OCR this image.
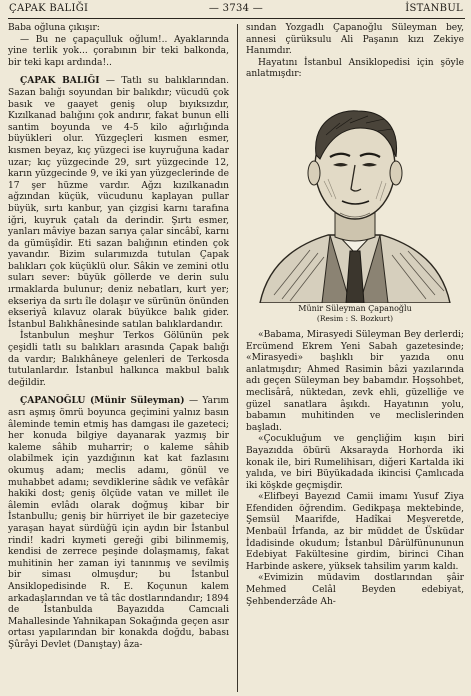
ÇAPAK BALIĞI	— 3734 —	İSTANBUL

Baba oğluna çıkışır:

— Bu ne çapaçulluk oğlum!.. Ayaklarında yine terlik yok... çorabının bir teki balkonda, bir teki kapı ardında!..

ÇAPAK BALIĞI — Tatlı su balıklarından. Sazan balığı soyundan bir balıkdır; vücudü çok basık ve gaayet geniş olup bıyıksızdır, Kızılkanad balığını çok andırır, fakat bunun elli santim boyunda ve 4-5 kilo ağırlığında büyükleri olur. Yüzgeçleri kısmen esmer, kısmen beyaz, kıç yüzgeci ise kuyruğuna kadar uzar; kıç yüzgecinde 29, sırt yüzgecinde 12, karın yüzgecinde 9, ve iki yan yüzgeclerinde de 17 şer hüzme vardır. Ağzı kızılkanadın ağzından küçük, vücudunu kaplayan pullar büyük, sırtı kanbur, yan çizgisi karnı tarafına iğri, kuyruk çatalı da derindir. Şırtı esmer, yanları mâviye bazan sarıya çalar sincâbî, karnı da gümüşîdir. Eti sazan balığının etinden çok yavandır. Bizim sularımızda tutulan Çapak balıkları çok küçüklü olur. Sâkin ve zemini otlu suları sever: büyük göllerde ve derin sulu ırmaklarda bulunur; deniz nebatları, kurt yer; ekseriya da sırtı île dolaşır ve sürünün önünden ekseriyâ kılavuz olarak büyükce balık gider. İstanbul Balıkhânesinde satılan balıklardandır.

İstanbulun meşhur Terkos Gölünün pek çeşidli tatlı su balıkları arasında Çapak balığı da vardır; Balıkhâneye gelenleri de Terkosda tutulanlardır. İstanbul halkınca makbul balık değildir.

ÇAPANOĞLU (Münir Süleyman) — Yarım asrı aşmış ömrü boyunca geçimini yalnız basın âleminde temin etmiş has damgası ile gazeteci; her konuda bilgiye dayanarak yazmış bir kalemе sâhib muharrir; o kaleme sâhib olabilmek için yazdığının kat kat fazlasını okumuş adam; meclis adamı, gönül ve muhabbet adamı; sevdiklerine sâdık ve vefâkâr hakiki dost; geniş ölçüde vatan ve millet ile âlemin evlâdı olarak doğmuş kibar bir İstanbullu; geniş bir hürriyet ile bir gazeteciye yaraşan hayat sürdüğü için aydın bir İstanbul rindi! kadri kıymeti gereği gibi bilinmemiş, kendisi de zerrece peşinde dolaşmamış, fakat muhitinin her zaman iyi tanınmış ve sevilmiş bir siması olmuşdur; bu İstanbul Ansiklopedisinde R. E. Koçunun kalem arkadaşlarından ve tâ tâc dostlarındandır; 1894 de İstanbulda Bayazıdda Camcıali Mahallesinde Yahnikapan Sokağında geçen asır ortası yapılarından bir konakda doğdu, babası Şûrâyi Devlet (Danıştay) âza-

sından Yozgadlı Çapanoğlu Süleyman bey, annesi çürüksulu Ali Paşanın kızı Zekiye Hanımdır.

Hayatını İstanbul Ansiklopedisi için şöyle anlatmışdır:

Münir Süleyman Çapanoğlu
(Resim : S. Bozkurt)

«Babama, Mirasyedi Süleyman Bey derlerdi; Ercümend Ekrem Yeni Sabah gazetesinde; «Mirasyedi» başlıklı bir yazıda onu anlatmışdır; Ahmed Rasimin bâzi yazılarında adı geçen Süleyman bey babamdır. Hoşsohbet, meclisârâ, nüktedan, zevk ehli, güzelliğe ve güzel sanatlara âşıkdı. Hayatının yolu, babamın muhitinden ve meclislerinden başladı.

«Çocukluğum ve gençliğim kışın biri Bayazıdda öbürü Aksarayda Horhorda iki konak ile, biri Rumelihisarı, diğeri Kartalda iki yalıda, ve biri Büyükadada ikincisi Çamlıcada iki köşkde geçmişdir.

«Elifbeyi Bayezıd Camii imamı Yusuf Ziya Efendiden öğrendim. Gedikpaşa mektebinde, Şemsül Maarifde, Hadîkai Meşveretde, Menbaül İrfanda, az bir müddet de Üsküdar İdadisinde okudum; İstanbul Dârülfünununun Edebiyat Fakültesine girdim, birinci Cihan Harbinde askere, yüksek tahsilim yarım kaldı.

«Evimizin müdavim dostlarından şâir Mehmed Celâl Beyden edebiyat, Şehbenderzâde Ah-
